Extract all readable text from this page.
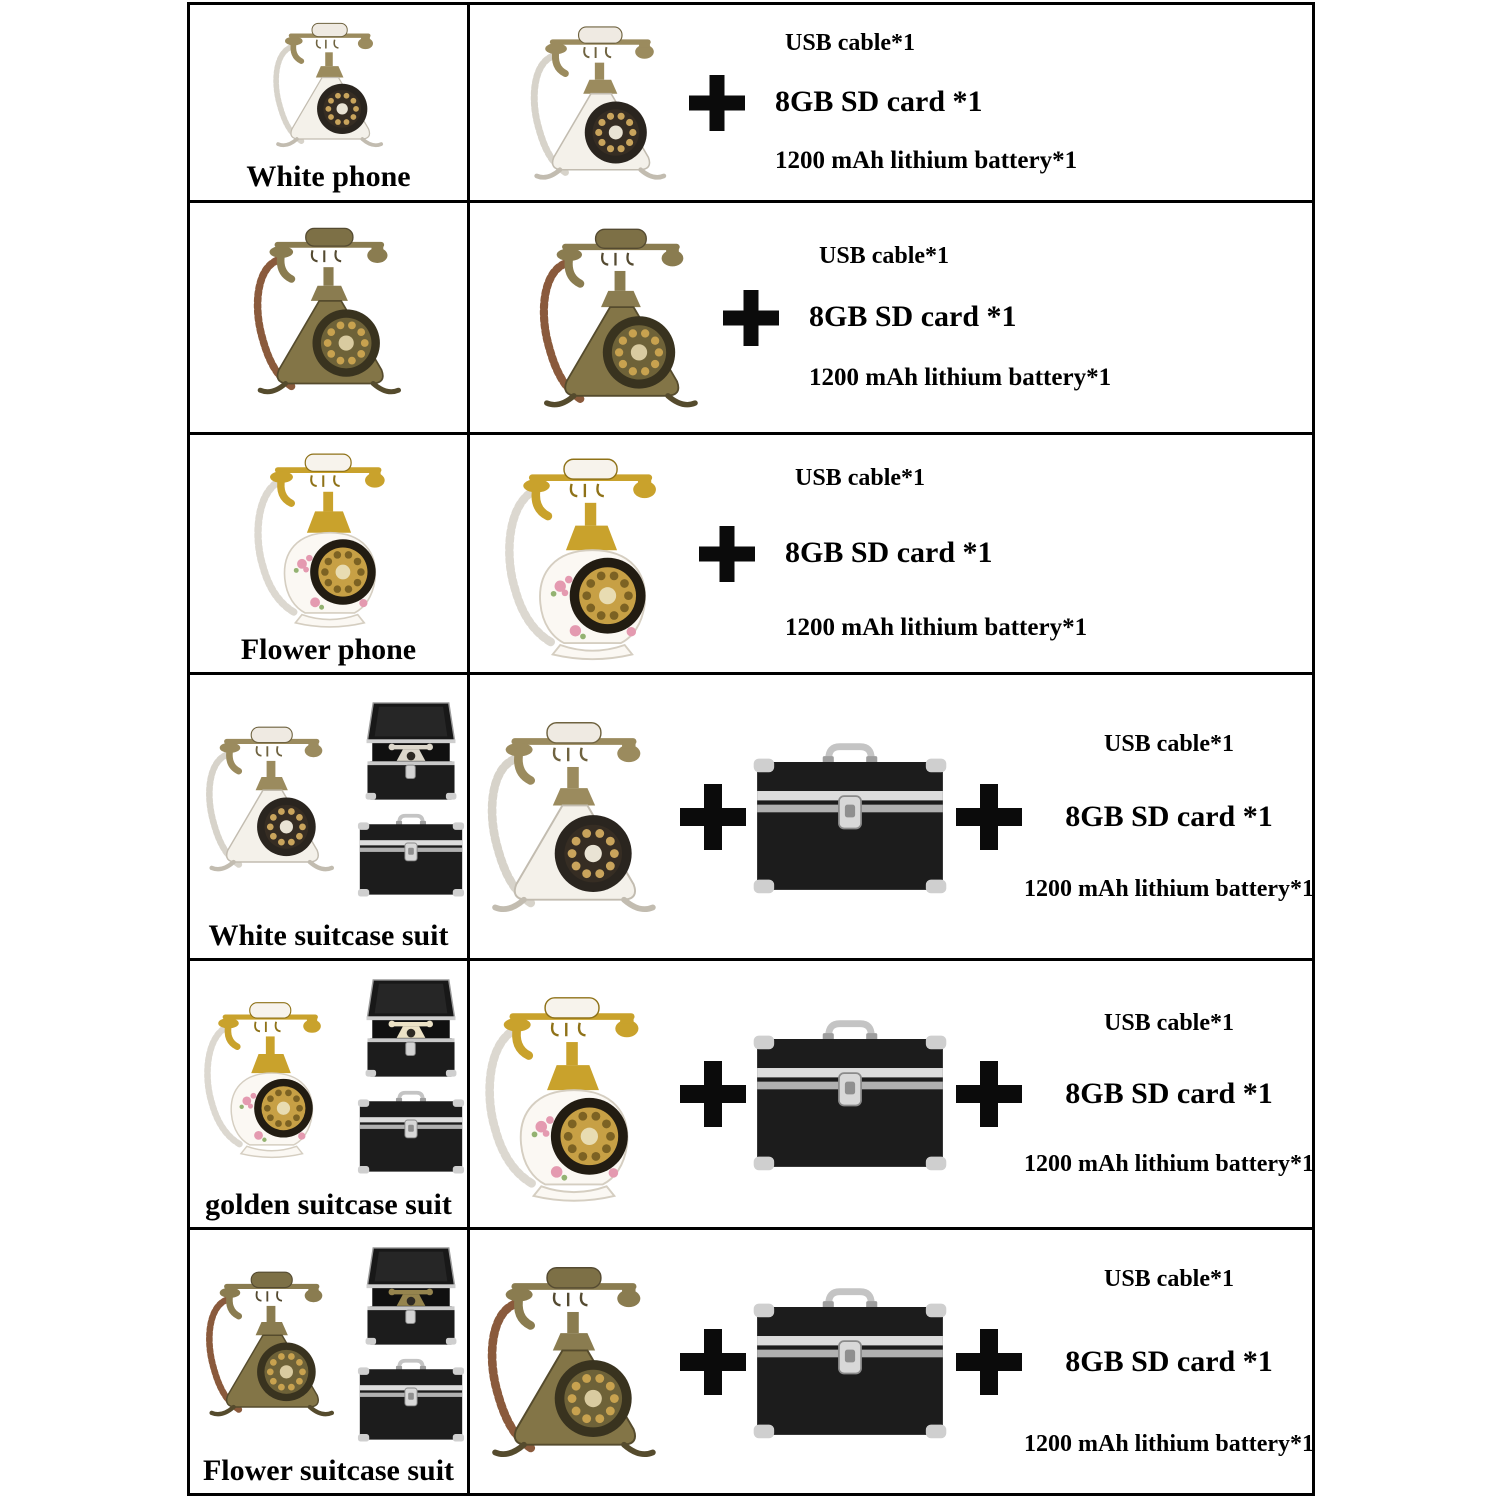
White phone
USB cable*1
8GB SD card *1
1200 mAh lithium battery*1
USB cable*1
8GB SD card *1
1200 mAh lithium battery*1
Flower phone
USB cable*1
8GB SD card *1
1200 mAh lithium battery*1
White suitcase suit
USB cable*1
8GB SD card *1
1200 mAh lithium battery*1
golden suitcase suit
USB cable*1
8GB SD card *1
1200 mAh lithium battery*1
Flower suitcase suit
USB cable*1
8GB SD card *1
1200 mAh lithium battery*1
